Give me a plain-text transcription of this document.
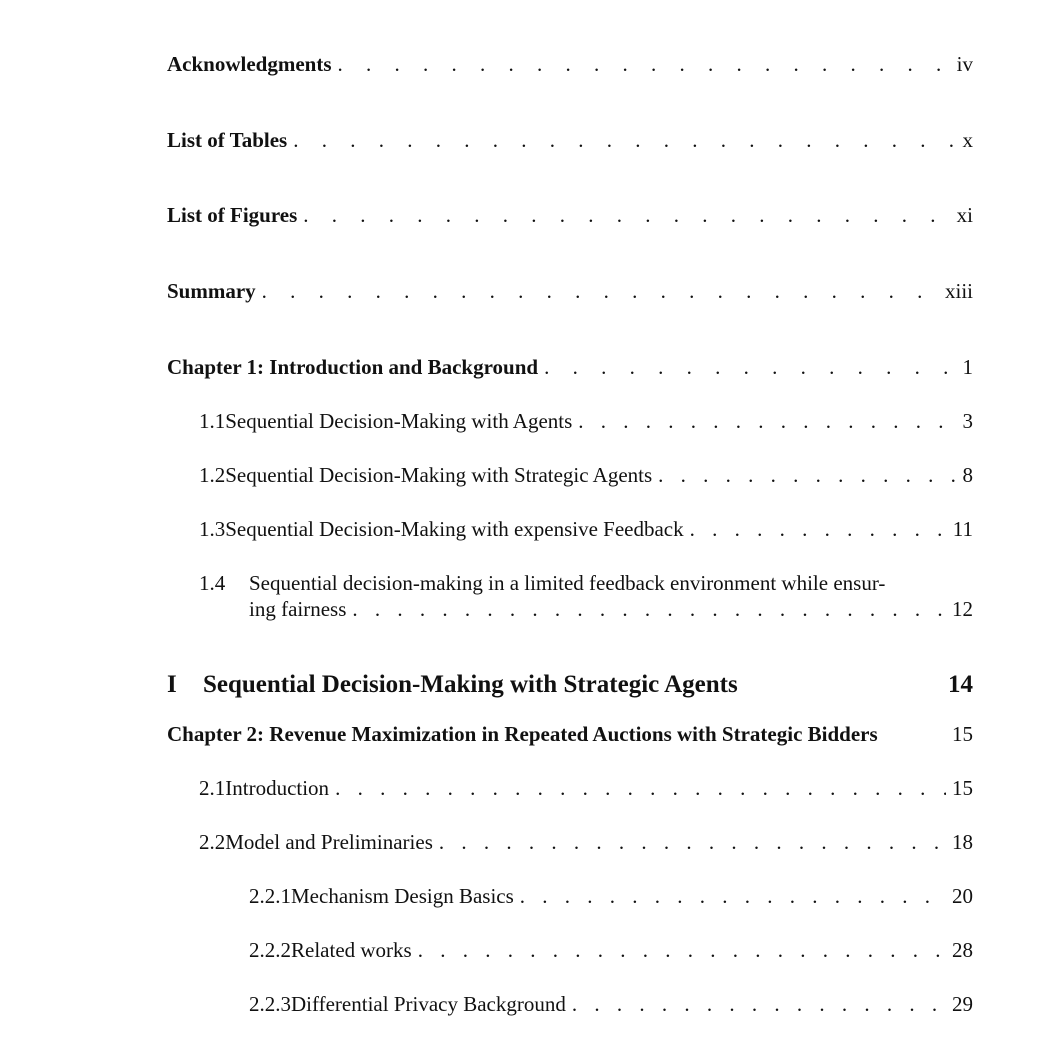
Acknowledgments . . .	iv
List of Tables . . .	x
List of Figures . . .	xi
Summary . . .	xiii
Chapter 1: Introduction and Background . . .	1
1.1 Sequential Decision-Making with Agents . . .	3
1.2 Sequential Decision-Making with Strategic Agents . . .	8
1.3 Sequential Decision-Making with expensive Feedback . . .	11
1.4	Sequential decision-making in a limited feedback environment while ensur-
ing fairness . . .	12
I	Sequential Decision-Making with Strategic Agents	14
Chapter 2: Revenue Maximization in Repeated Auctions with Strategic Bidders	15
2.1 Introduction . . .	15
2.2 Model and Preliminaries . . .	18
2.2.1 Mechanism Design Basics . . .	20
2.2.2 Related works . . .	28
2.2.3 Differential Privacy Background . . .	29
